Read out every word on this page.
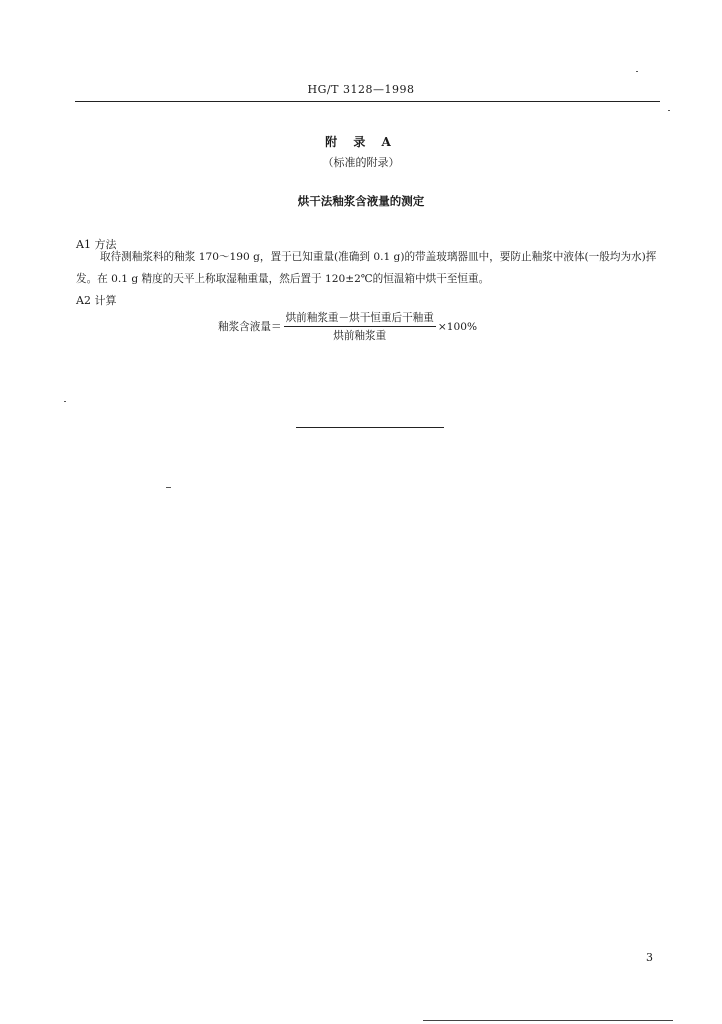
HG/T 3128—1998
附 录 A
（标准的附录）
烘干法釉浆含液量的测定
A1 方法
取待测釉浆料的釉浆 170～190 g，置于已知重量(准确到 0.1 g)的带盖玻璃器皿中，要防止釉浆中液体(一般均为水)挥发。在 0.1 g 精度的天平上称取湿釉重量，然后置于 120±2℃的恒温箱中烘干至恒重。
A2 计算
釉浆含液量＝ $\frac{\text{烘前釉浆重－烘干恒重后干釉重}}{\text{烘前釉浆重}} \times 100\%$
3
